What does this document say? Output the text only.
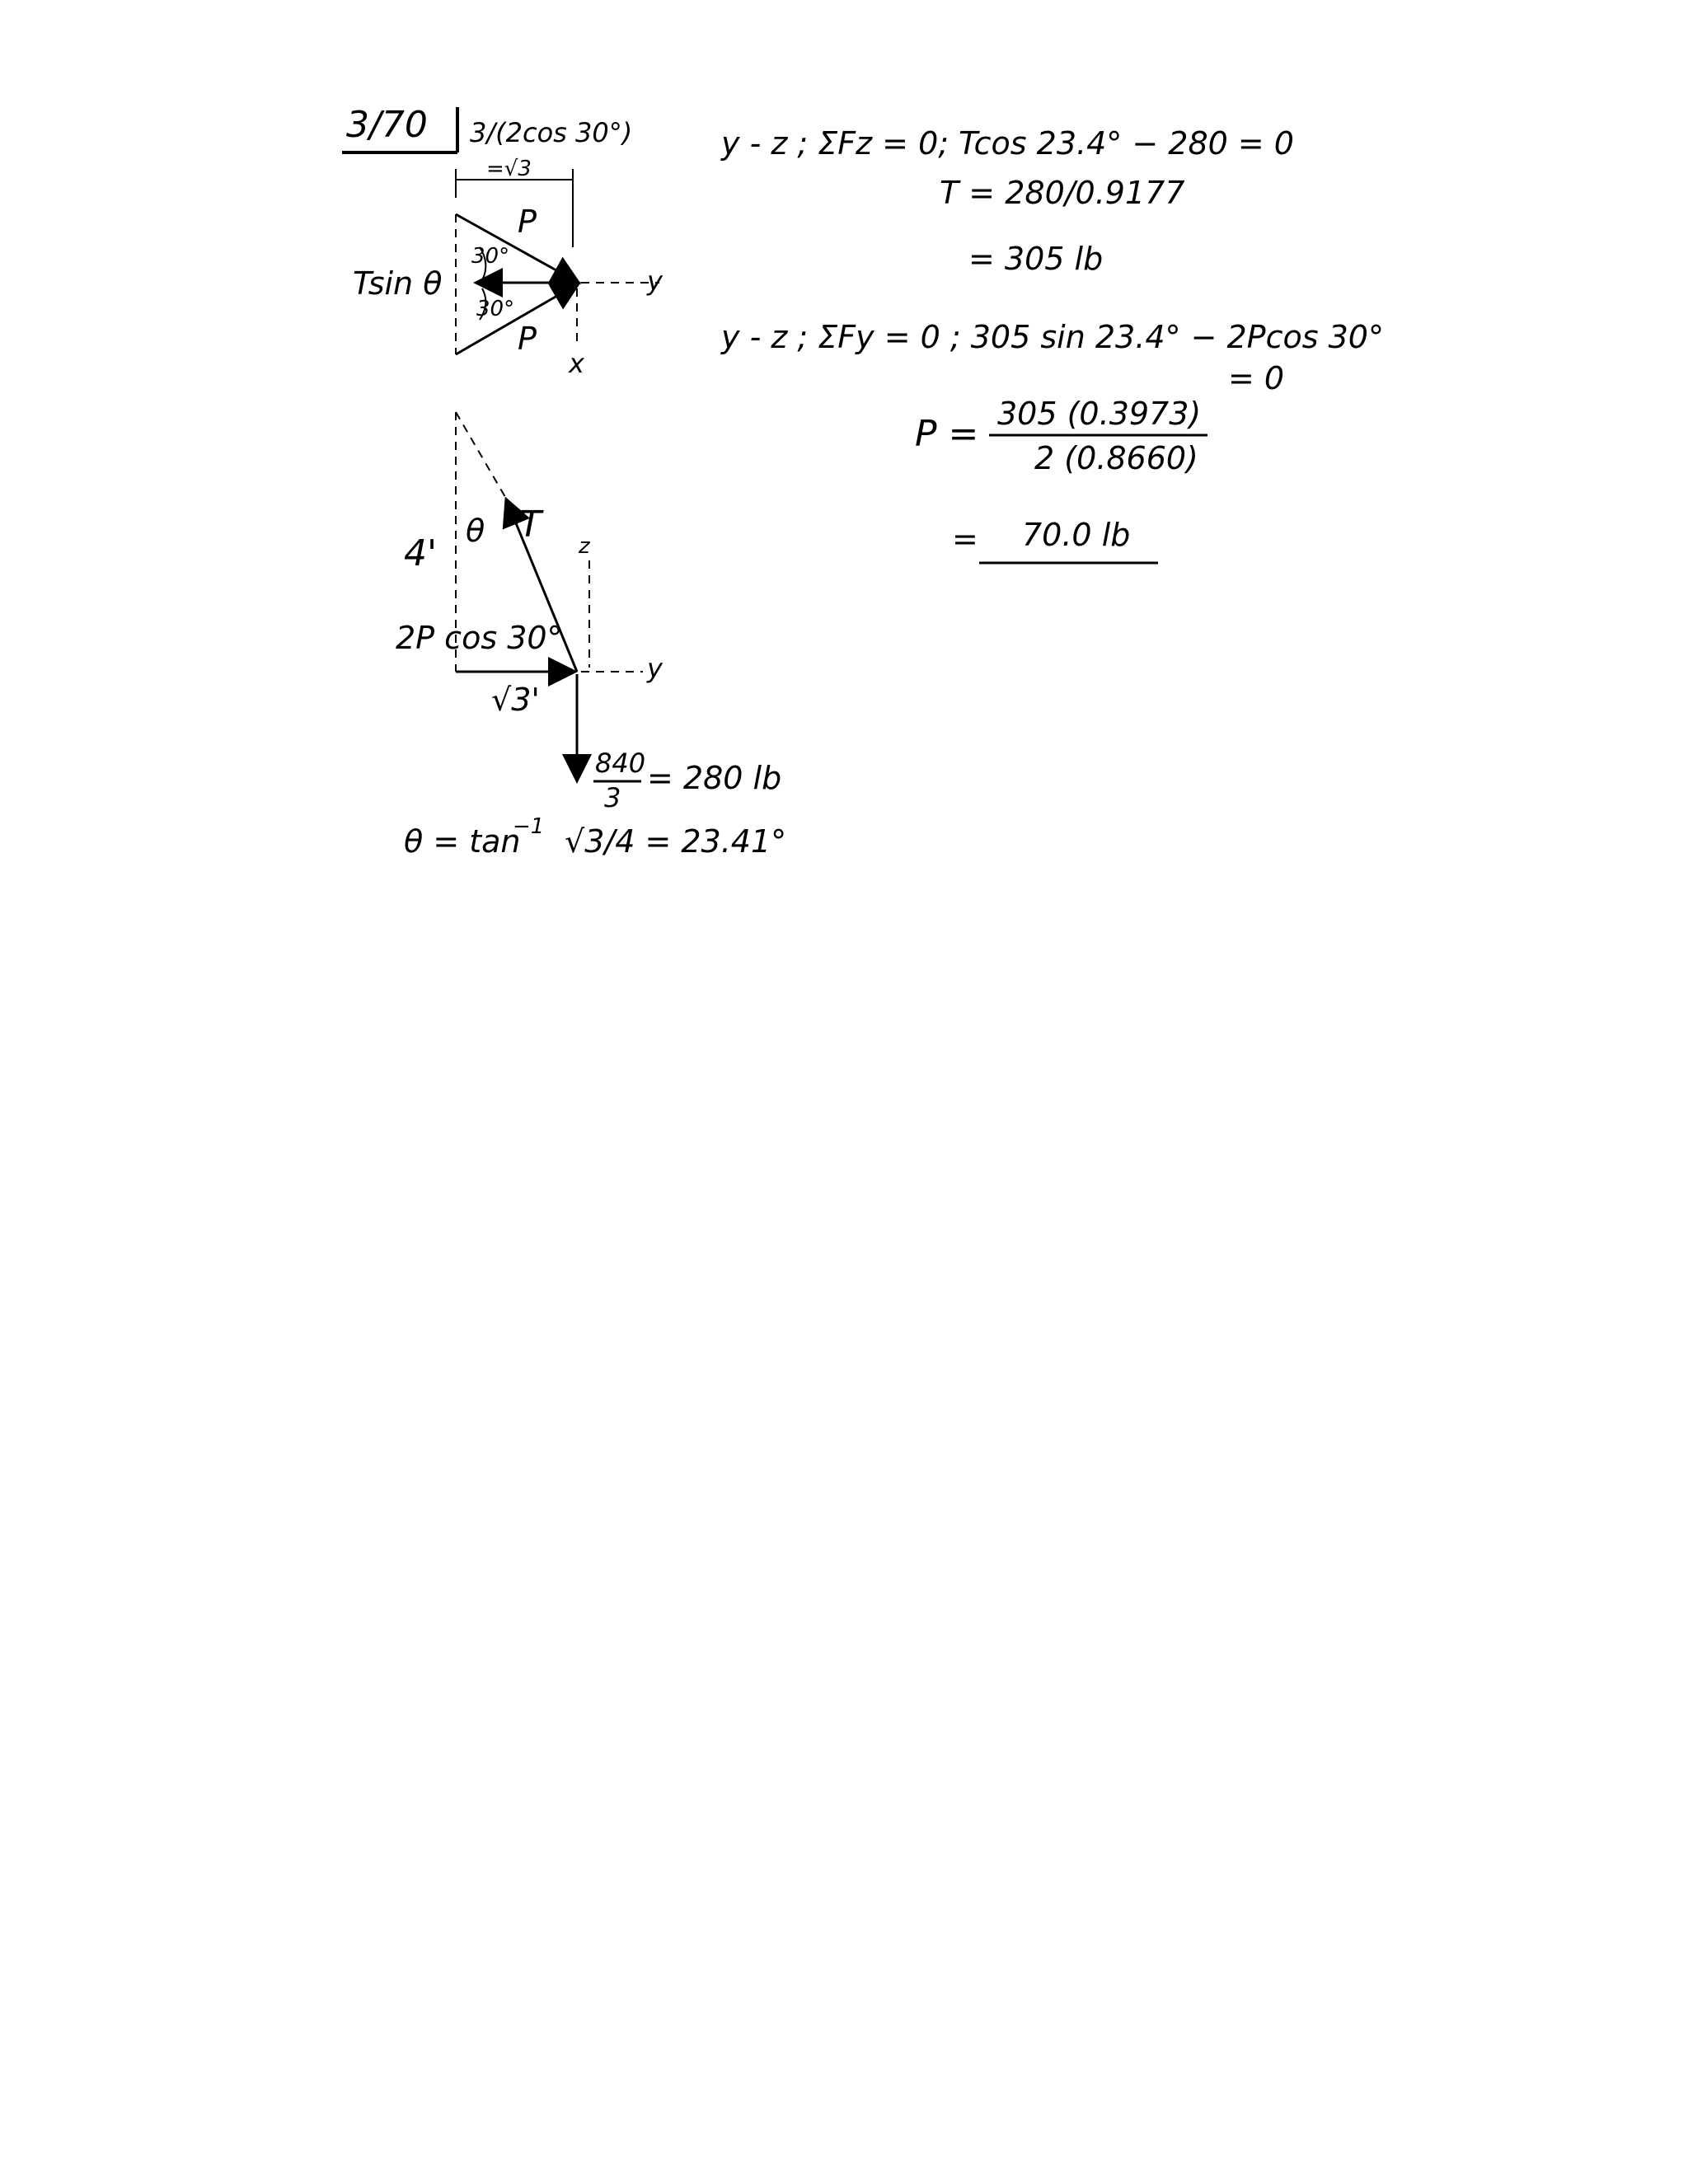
3/70 3/(2cos 30°)
=√3
P
30°
Tsin θ
30°
P
y
x
4'
θ T
z
2P cos 30°
y
√3'
840
3
= 280 lb
θ = tan
−1 √3/4 = 23.41°
y - z ; ΣFz = 0; Tcos 23.4° − 280 = 0
T = 280/0.9177
= 305 lb
y - z ; ΣFy = 0 ; 305 sin 23.4° − 2Pcos 30°
= 0
P = 305 (0.3973)
2 (0.8660)
= 70.0 lb
